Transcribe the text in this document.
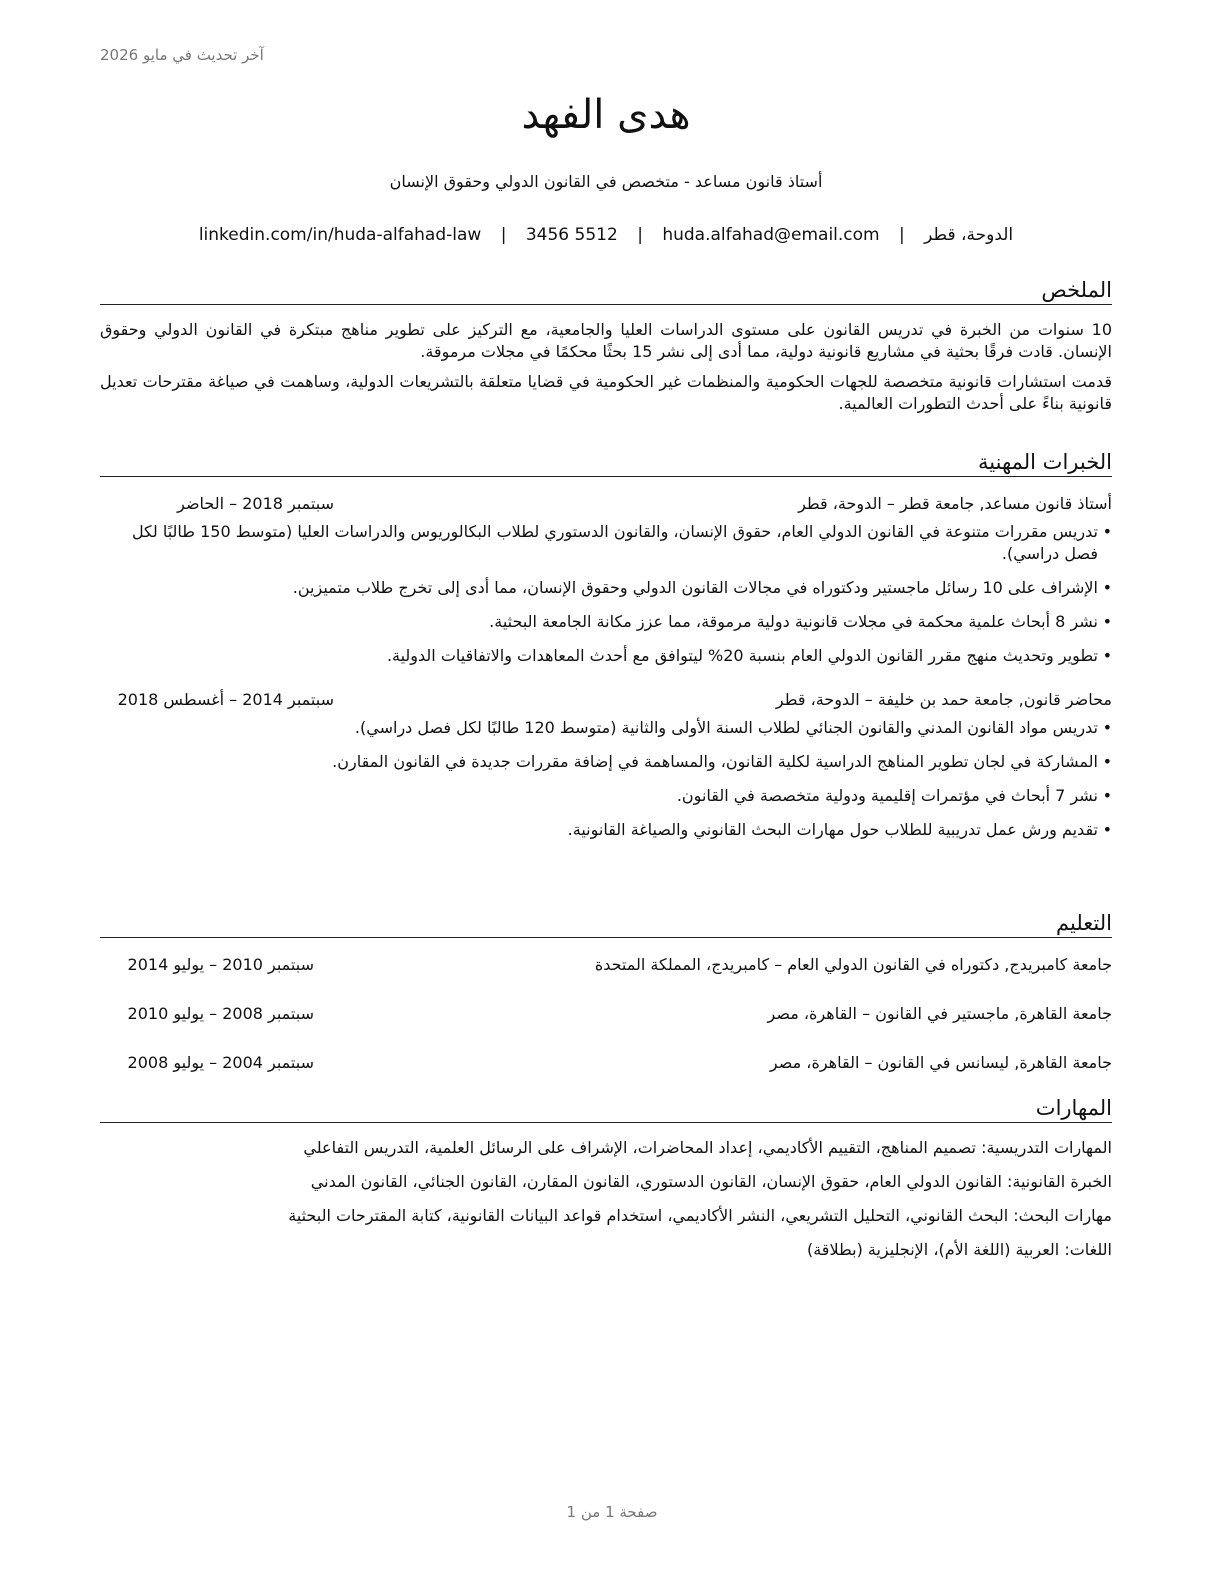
آخر تحديث في مايو 2026
هدى الفهد
أستاذ قانون مساعد - متخصص في القانون الدولي وحقوق الإنسان
الدوحة، قطر | huda.alfahad@email.com | 3456 5512 | linkedin.com/in/huda-alfahad-law
الملخص

10 سنوات من الخبرة في تدريس القانون على مستوى الدراسات العليا والجامعية، مع التركيز على تطوير مناهج مبتكرة في القانون الدولي وحقوق الإنسان. قادت فرقًا بحثية في مشاريع قانونية دولية، مما أدى إلى نشر 15 بحثًا محكمًا في مجلات مرموقة.

قدمت استشارات قانونية متخصصة للجهات الحكومية والمنظمات غير الحكومية في قضايا متعلقة بالتشريعات الدولية، وساهمت في صياغة مقترحات تعديل قانونية بناءً على أحدث التطورات العالمية.

الخبرات المهنية
أستاذ قانون مساعد, جامعة قطر – الدوحة، قطر
سبتمبر 2018 – الحاضر
• تدريس مقررات متنوعة في القانون الدولي العام، حقوق الإنسان، والقانون الدستوري لطلاب البكالوريوس والدراسات العليا (متوسط 150 طالبًا لكل فصل دراسي).
• الإشراف على 10 رسائل ماجستير ودكتوراه في مجالات القانون الدولي وحقوق الإنسان، مما أدى إلى تخرج طلاب متميزين.
• نشر 8 أبحاث علمية محكمة في مجلات قانونية دولية مرموقة، مما عزز مكانة الجامعة البحثية.
• تطوير وتحديث منهج مقرر القانون الدولي العام بنسبة 20% ليتوافق مع أحدث المعاهدات والاتفاقيات الدولية.
محاضر قانون, جامعة حمد بن خليفة – الدوحة، قطر
سبتمبر 2014 – أغسطس 2018
• تدريس مواد القانون المدني والقانون الجنائي لطلاب السنة الأولى والثانية (متوسط 120 طالبًا لكل فصل دراسي).
• المشاركة في لجان تطوير المناهج الدراسية لكلية القانون، والمساهمة في إضافة مقررات جديدة في القانون المقارن.
• نشر 7 أبحاث في مؤتمرات إقليمية ودولية متخصصة في القانون.
• تقديم ورش عمل تدريبية للطلاب حول مهارات البحث القانوني والصياغة القانونية.
التعليم
جامعة كامبريدج, دكتوراه في القانون الدولي العام – كامبريدج، المملكة المتحدة
سبتمبر 2010 – يوليو 2014
جامعة القاهرة, ماجستير في القانون – القاهرة، مصر
سبتمبر 2008 – يوليو 2010
جامعة القاهرة, ليسانس في القانون – القاهرة، مصر
سبتمبر 2004 – يوليو 2008
المهارات
المهارات التدريسية: تصميم المناهج، التقييم الأكاديمي، إعداد المحاضرات، الإشراف على الرسائل العلمية، التدريس التفاعلي
الخبرة القانونية: القانون الدولي العام، حقوق الإنسان، القانون الدستوري، القانون المقارن، القانون الجنائي، القانون المدني
مهارات البحث: البحث القانوني، التحليل التشريعي، النشر الأكاديمي، استخدام قواعد البيانات القانونية، كتابة المقترحات البحثية
اللغات: العربية (اللغة الأم)، الإنجليزية (بطلاقة)
صفحة 1 من 1
